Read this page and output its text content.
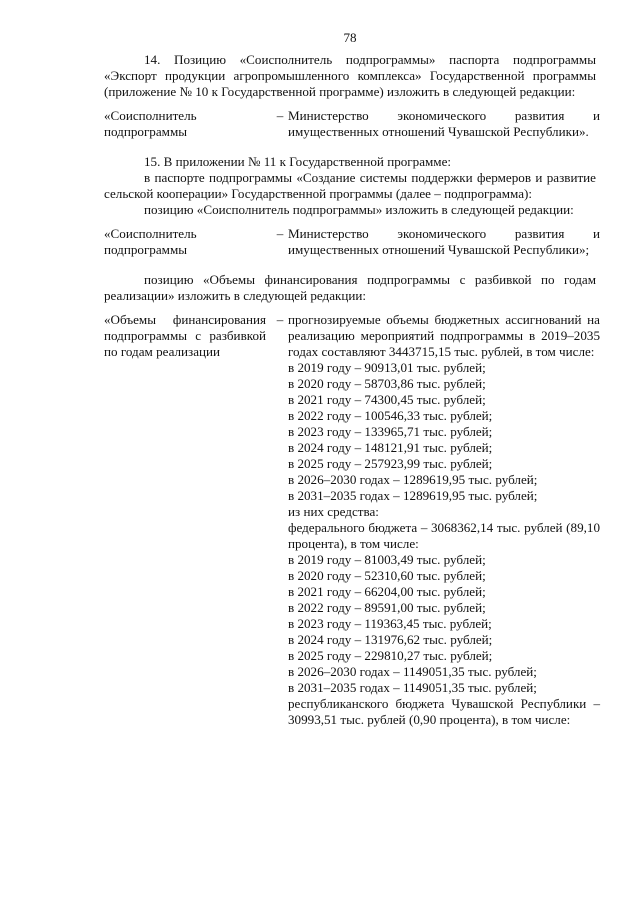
78
14. Позицию «Соисполнитель подпрограммы» паспорта подпрограммы «Экспорт продукции агропромышленного комплекса» Государственной программы (приложение № 10 к Государственной программе) изложить в следующей редакции:
«Соисполнитель подпрограммы
– Министерство экономического развития и имущественных отношений Чувашской Республики».
15. В приложении № 11 к Государственной программе:
в паспорте подпрограммы «Создание системы поддержки фермеров и развитие сельской кооперации» Государственной программы (далее – подпрограмма):
позицию «Соисполнитель подпрограммы» изложить в следующей редакции:
«Соисполнитель подпрограммы
– Министерство экономического развития и имущественных отношений Чувашской Республики»;
позицию «Объемы финансирования подпрограммы с разбивкой по годам реализации» изложить в следующей редакции:
«Объемы финансирования подпрограммы с разбивкой по годам реализации
– прогнозируемые объемы бюджетных ассигнований на реализацию мероприятий подпрограммы в 2019–2035 годах составляют 3443715,15 тыс. рублей, в том числе:
в 2019 году – 90913,01 тыс. рублей;
в 2020 году – 58703,86 тыс. рублей;
в 2021 году – 74300,45 тыс. рублей;
в 2022 году – 100546,33 тыс. рублей;
в 2023 году – 133965,71 тыс. рублей;
в 2024 году – 148121,91 тыс. рублей;
в 2025 году – 257923,99 тыс. рублей;
в 2026–2030 годах – 1289619,95 тыс. рублей;
в 2031–2035 годах – 1289619,95 тыс. рублей;
из них средства:
федерального бюджета – 3068362,14 тыс. рублей (89,10 процента), в том числе:
в 2019 году – 81003,49 тыс. рублей;
в 2020 году – 52310,60 тыс. рублей;
в 2021 году – 66204,00 тыс. рублей;
в 2022 году – 89591,00 тыс. рублей;
в 2023 году – 119363,45 тыс. рублей;
в 2024 году – 131976,62 тыс. рублей;
в 2025 году – 229810,27 тыс. рублей;
в 2026–2030 годах – 1149051,35 тыс. рублей;
в 2031–2035 годах – 1149051,35 тыс. рублей;
республиканского бюджета Чувашской Республики – 30993,51 тыс. рублей (0,90 процента), в том числе:
